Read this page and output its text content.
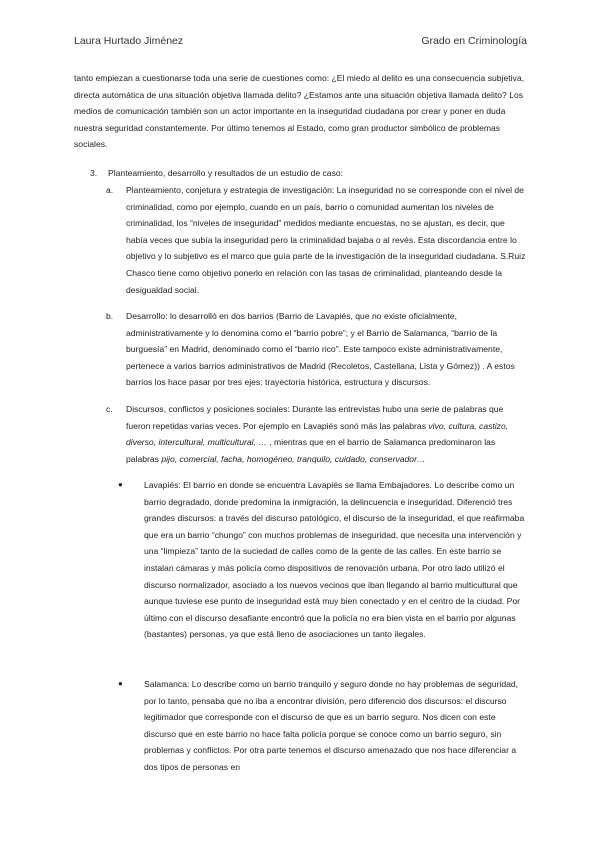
Laura Hurtado Jiménez	Grado en Criminología

tanto empiezan a cuestionarse toda una serie de cuestiones como: ¿El miedo al delito es una consecuencia subjetiva, directa automática de una situación objetiva llamada delito? ¿Estamos ante una situación objetiva llamada delito? Los medios de comunicación también son un actor importante en la inseguridad ciudadana por crear y poner en duda nuestra seguridad constantemente. Por último tenemos al Estado, como gran productor simbólico de problemas sociales.

3. Planteamiento, desarrollo y resultados de un estudio de caso:
a. Planteamiento, conjetura y estrategia de investigación: La inseguridad no se corresponde con el nivel de criminalidad, como por ejemplo, cuando en un país, barrio o comunidad aumentan los niveles de criminalidad, los “niveles de inseguridad” medidos mediante encuestas, no se ajustan, es decir, que había veces que subía la inseguridad pero la criminalidad bajaba o al revés. Esta discordancia entre lo objetivo y lo subjetivo es el marco que guía parte de la investigación de la inseguridad ciudadana. S.Ruiz Chasco tiene como objetivo ponerlo en relación con las tasas de criminalidad, planteando desde la desigualdad social.

b. Desarrollo: lo desarrolló en dos barrios (Barrio de Lavapiés, que no existe oficialmente, administrativamente y lo denomina como el “barrio pobre”; y el Barrio de Salamanca, “barrio de la burguesía” en Madrid, denominado como el “barrio rico”. Este tampoco existe administrativamente, pertenece a varios barrios administrativos de Madrid (Recoletos, Castellana, Lista y Gómez)) . A estos barrios los hace pasar por tres ejes: trayectoria histórica, estructura y discursos.

c. Discursos, conflictos y posiciones sociales: Durante las entrevistas hubo una serie de palabras que fueron repetidas varias veces. Por ejemplo en Lavapiés sonó más las palabras vivo, cultura, castizo, diverso, intercultural, multicultural, … , mientras que en el barrio de Salamanca predominaron las palabras pijo, comercial, facha, homogéneo, tranquilo, cuidado, conservador…

● Lavapiés: El barrio en donde se encuentra Lavapiés se llama Embajadores. Lo describe como un barrio degradado, donde predomina la inmigración, la delincuencia e inseguridad. Diferenció tres grandes discursos: a través del discurso patológico, el discurso de la inseguridad, el que reafirmaba que era un barrio “chungo” con muchos problemas de inseguridad, que necesita una intervención y una “limpieza” tanto de la suciedad de calles como de la gente de las calles. En este barrio se instalan cámaras y más policía como dispositivos de renovación urbana. Por otro lado utilizó el discurso normalizador, asociado a los nuevos vecinos que iban llegando al barrio multicultural que aunque tuviese ese punto de inseguridad está muy bien conectado y en el centro de la ciudad. Por último con el discurso desafiante encontró que la policía no era bien vista en el barrio por algunas (bastantes) personas, ya que está lleno de asociaciones un tanto ilegales.

● Salamanca: Lo describe como un barrio tranquilo y seguro donde no hay problemas de seguridad, por lo tanto, pensaba que no iba a encontrar división, pero diferenció dos discursos: el discurso legitimador que corresponde con el discurso de que es un barrio seguro. Nos dicen con este discurso que en este barrio no hace falta policía porque se conoce como un barrio seguro, sin problemas y conflictos. Por otra parte tenemos el discurso amenazado que nos hace diferenciar a dos tipos de personas en
